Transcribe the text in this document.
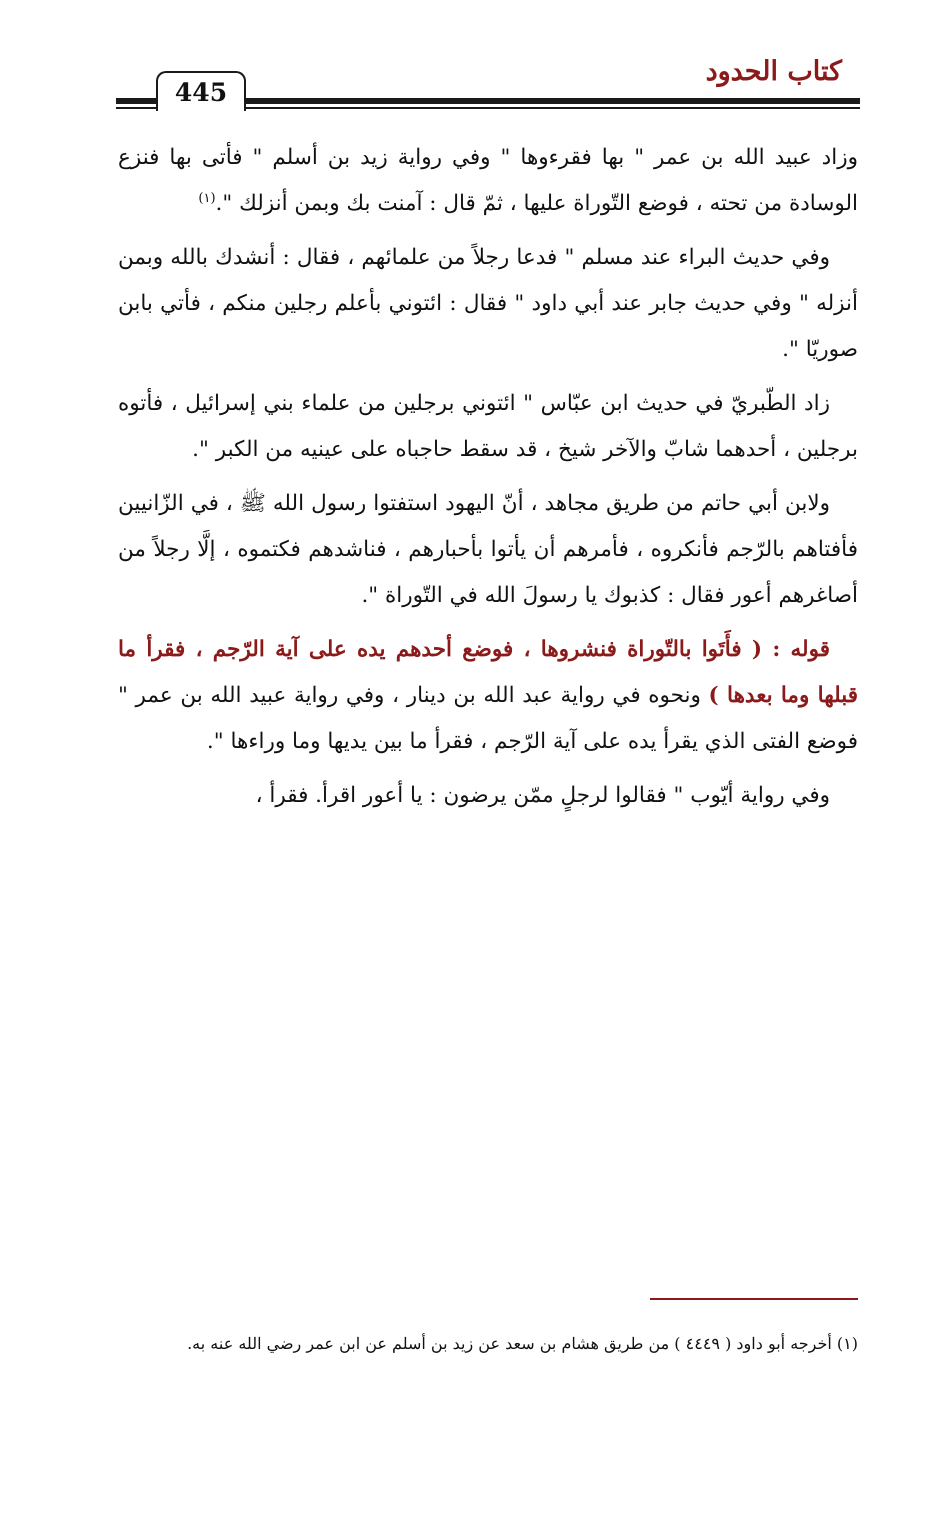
445
كتاب الحدود

وزاد عبيد الله بن عمر " بها فقرءوها " وفي رواية زيد بن أسلم " فأتى بها فنزع الوسادة من تحته ، فوضع التّوراة عليها ، ثمّ قال : آمنت بك وبمن أنزلك ".$^{(١)}$

وفي حديث البراء عند مسلم " فدعا رجلاً من علمائهم ، فقال : أنشدك بالله وبمن أنزله " وفي حديث جابر عند أبي داود " فقال : ائتوني بأعلم رجلين منكم ، فأتي بابن صوريّا ".

زاد الطّبريّ في حديث ابن عبّاس " ائتوني برجلين من علماء بني إسرائيل ، فأتوه برجلين ، أحدهما شابّ والآخر شيخ ، قد سقط حاجباه على عينيه من الكبر ".

ولابن أبي حاتم من طريق مجاهد ، أنّ اليهود استفتوا رسول الله ﷺ ، في الزّانيين فأفتاهم بالرّجم فأنكروه ، فأمرهم أن يأتوا بأحبارهم ، فناشدهم فكتموه ، إلَّا رجلاً من أصاغرهم أعور فقال : كذبوك يا رسولَ الله في التّوراة ".

قوله : ( فأَتَوا بالتّوراة فنشروها ، فوضع أحدهم يده على آية الرّجم ، فقرأ ما قبلها وما بعدها ) ونحوه في رواية عبد الله بن دينار ، وفي رواية عبيد الله بن عمر " فوضع الفتى الذي يقرأ يده على آية الرّجم ، فقرأ ما بين يديها وما وراءها ".

وفي رواية أيّوب " فقالوا لرجلٍ ممّن يرضون : يا أعور اقرأ. فقرأ ،

(١) أخرجه أبو داود ( ٤٤٤٩ ) من طريق هشام بن سعد عن زيد بن أسلم عن ابن عمر رضي الله عنه به.
